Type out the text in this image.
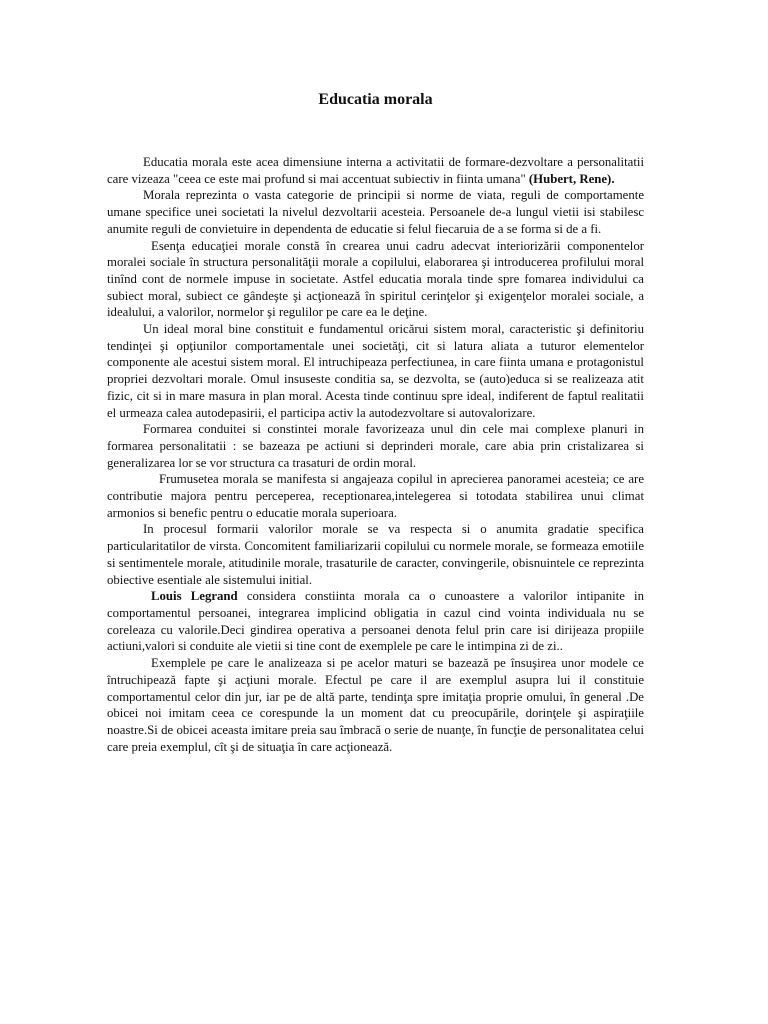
Educatia morala

Educatia morala este acea dimensiune interna a activitatii de formare-dezvoltare a personalitatii care vizeaza "ceea ce este mai profund si mai accentuat subiectiv in fiinta umana" (Hubert, Rene).

Morala reprezinta o vasta categorie de principii si norme de viata, reguli de comportamente umane specifice unei societati la nivelul dezvoltarii acesteia. Persoanele de-a lungul vietii isi stabilesc anumite reguli de convietuire in dependenta de educatie si felul fiecaruia de a se forma si de a fi.

Esenţa educaţiei morale constă în crearea unui cadru adecvat interiorizării componentelor moralei sociale în structura personalităţii morale a copilului, elaborarea şi introducerea profilului moral tinînd cont de normele impuse in societate. Astfel educatia morala tinde spre fomarea individului ca subiect moral, subiect ce gândeşte şi acţionează în spiritul cerinţelor şi exigenţelor moralei sociale, a idealului, a valorilor, normelor şi regulilor pe care ea le deţine.

Un ideal moral bine constituit e fundamentul oricărui sistem moral, caracteristic şi definitoriu tendinţei şi opţiunilor comportamentale unei societăţi, cit si latura aliata a tuturor elementelor componente ale acestui sistem moral. El intruchipeaza perfectiunea, in care fiinta umana e protagonistul propriei dezvoltari morale. Omul insuseste conditia sa, se dezvolta, se (auto)educa si se realizeaza atit fizic, cit si in mare masura in plan moral. Acesta tinde continuu spre ideal, indiferent de faptul realitatii el urmeaza calea autodepasirii, el participa activ la autodezvoltare si autovalorizare.

Formarea conduitei si constintei morale favorizeaza unul din cele mai complexe planuri in formarea personalitatii : se bazeaza pe actiuni si deprinderi morale, care abia prin cristalizarea si generalizarea lor se vor structura ca trasaturi de ordin moral.

Frumusetea morala se manifesta si angajeaza copilul in aprecierea panoramei acesteia; ce are contributie majora pentru perceperea, receptionarea,intelegerea si totodata stabilirea unui climat armonios si benefic pentru o educatie morala superioara.

In procesul formarii valorilor morale se va respecta si o anumita gradatie specifica particularitatilor de virsta. Concomitent familiarizarii copilului cu normele morale, se formeaza emotiile si sentimentele morale, atitudinile morale, trasaturile de caracter, convingerile, obisnuintele ce reprezinta obiective esentiale ale sistemului initial.

Louis Legrand considera constiinta morala ca o cunoastere a valorilor intipanite in comportamentul persoanei, integrarea implicind obligatia in cazul cind vointa individuala nu se coreleaza cu valorile.Deci gindirea operativa a persoanei denota felul prin care isi dirijeaza propiile actiuni,valori si conduite ale vietii si tine cont de exemplele pe care le intimpina zi de zi..

Exemplele pe care le analizeaza si pe acelor maturi se bazează pe însuşirea unor modele ce întruchipează fapte şi acţiuni morale. Efectul pe care il are exemplul asupra lui il constituie comportamentul celor din jur, iar pe de altă parte, tendinţa spre imitaţia proprie omului, în general .De obicei noi imitam ceea ce corespunde la un moment dat cu preocupările, dorinţele şi aspiraţiile noastre.Si de obicei aceasta imitare preia sau îmbracă o serie de nuanţe, în funcţie de personalitatea celui care preia exemplul, cît şi de situaţia în care acţionează.
